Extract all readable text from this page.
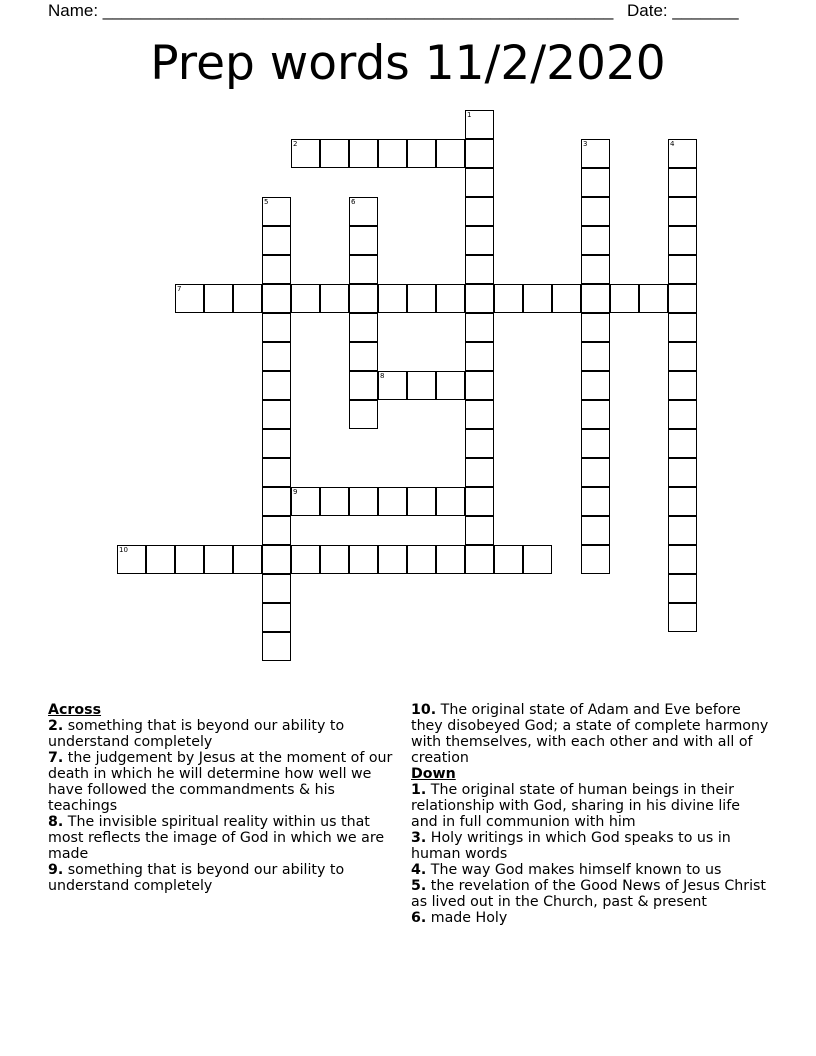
Name: ______________________________________________________ Date: _______
Prep words 11/2/2020
1
2	3	4
5	6
7
8
9
10
Across
2. something that is beyond our ability to understand completely
7. the judgement by Jesus at the moment of our death in which he will determine how well we have followed the commandments & his teachings
8. The invisible spiritual reality within us that most reflects the image of God in which we are made
9. something that is beyond our ability to understand completely
10. The original state of Adam and Eve before they disobeyed God; a state of complete harmony with themselves, with each other and with all of creation
Down
1. The original state of human beings in their relationship with God, sharing in his divine life and in full communion with him
3. Holy writings in which God speaks to us in human words
4. The way God makes himself known to us
5. the revelation of the Good News of Jesus Christ as lived out in the Church, past & present
6. made Holy
